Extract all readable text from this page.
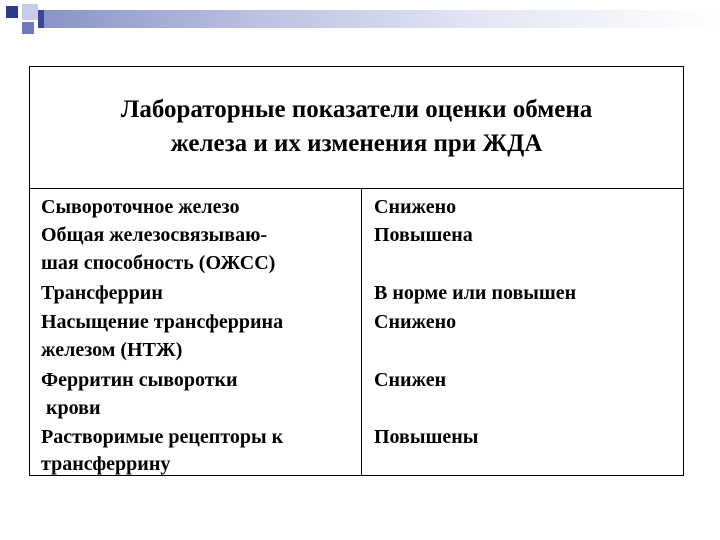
Лабораторные показатели оценки обмена
железа и их изменения при ЖДА
Сывороточное железо	Снижено
Общая железосвязываю-
шая способность (ОЖСС)
Повышена
Трансферрин	В норме или повышен
Насыщение трансферрина
железом (НТЖ)
Снижено
Ферритин сыворотки
крови
Снижен
Растворимые рецепторы к
трансферрину
Повышены
